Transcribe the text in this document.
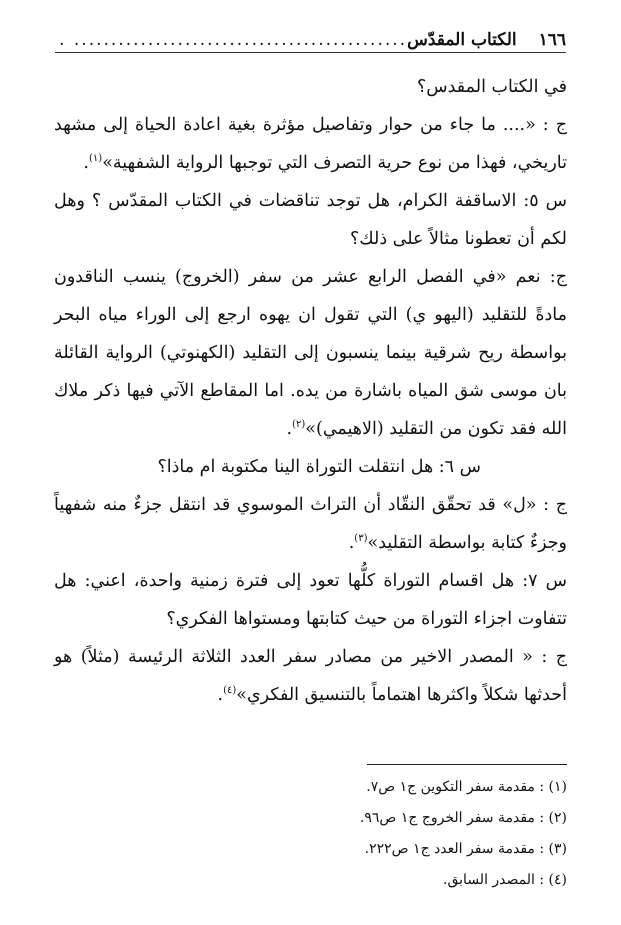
١٦٦
الكتاب المقدّس
............................................. .

في الكتاب المقدس؟

ج : «.... ما جاء من حوار وتفاصيل مؤثرة بغية اعادة الحياة إلى مشهد تاريخي، فهذا من نوع حرية التصرف التي توجبها الرواية الشفهية»$^{(١)}$.

س ٥: الاساقفة الكرام، هل توجد تناقضات في الكتاب المقدّس ؟ وهل لكم أن تعطونا مثالاً على ذلك؟

ج: نعم «في الفصل الرابع عشر من سفر (الخروج) ينسب الناقدون مادةً للتقليد (اليهو ي) التي تقول ان يهوه ارجع إلى الوراء مياه البحر بواسطة ريح شرقية بينما ينسبون إلى التقليد (الكهنوتي) الرواية القائلة بان موسى شق المياه باشارة من يده. اما المقاطع الآتي فيها ذكر ملاك الله فقد تكون من التقليد (الاهيمي)»$^{(٢)}$.

س ٦: هل انتقلت التوراة الينا مكتوبة ام ماذا؟

ج : «ل» قد تحقّق النقّاد أن التراث الموسوي قد انتقل جزءٌ منه شفهياً وجزءٌ كتابة بواسطة التقليد»$^{(٣)}$.

س ٧: هل اقسام التوراة كلُّها تعود إلى فترة زمنية واحدة، اعني: هل تتفاوت اجزاء التوراة من حيث كتابتها ومستواها الفكري؟

ج : « المصدر الاخير من مصادر سفر العدد الثلاثة الرئيسة (مثلاً) هو أحدثها شكلاً واكثرها اهتماماً بالتنسيق الفكري»$^{(٤)}$.

(١) : مقدمة سفر التكوين ج١ ص٧.

(٢) : مقدمة سفر الخروج ج١ ص٩٦.

(٣) : مقدمة سفر العدد ج١ ص٢٢٢.

(٤) : المصدر السابق.
